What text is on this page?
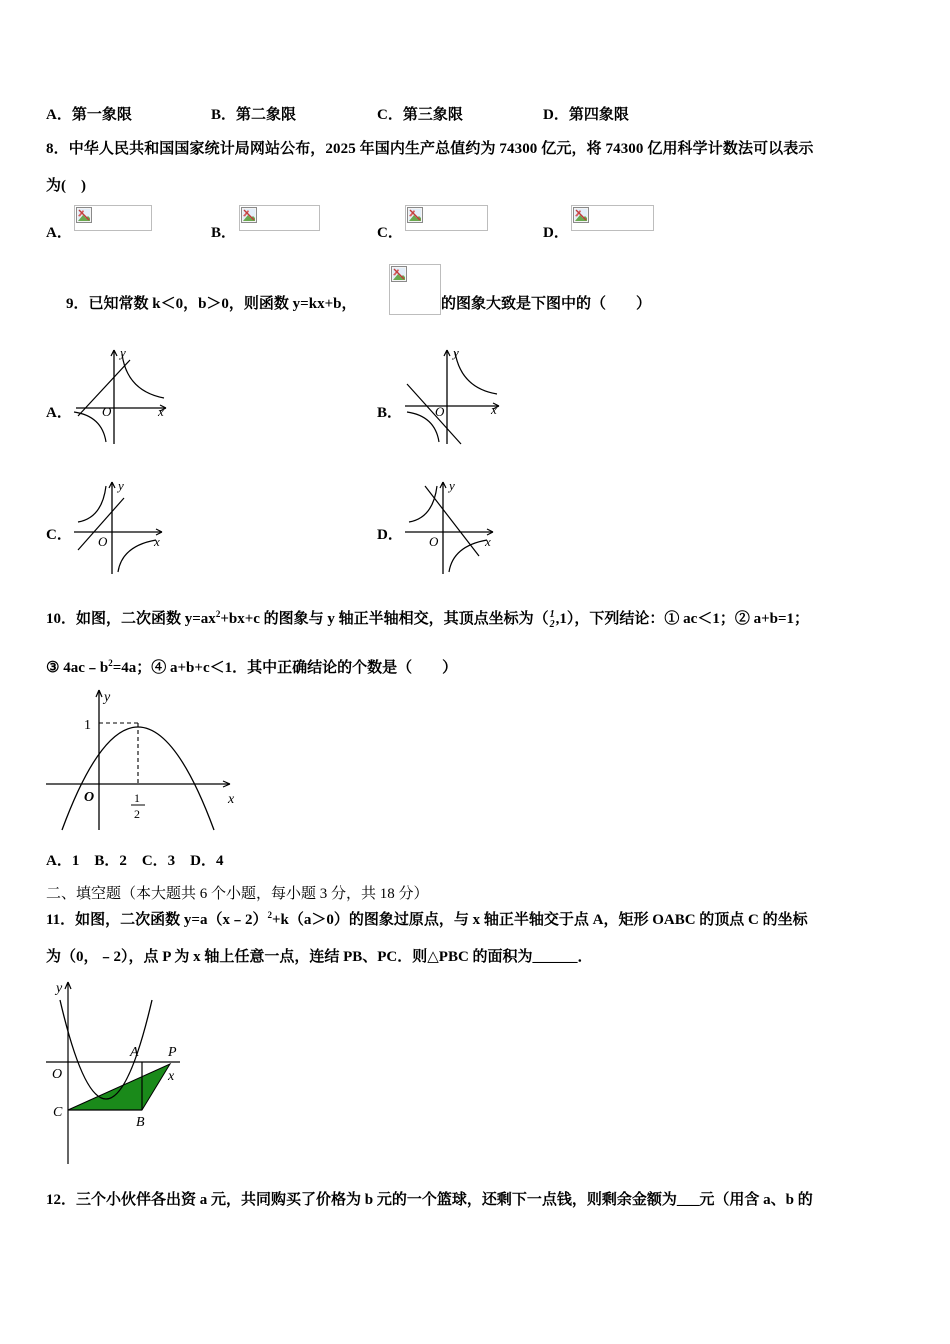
A．第一象限	B．第二象限	C．第三象限	D．第四象限
8．中华人民共和国国家统计局网站公布，2025 年国内生产总值约为 74300 亿元，将 74300 亿用科学计数法可以表示
为(　)
A．	B．	C．	D．
9．已知常数 k＜0，b＞0，则函数 y=kx+b，	的图象大致是下图中的（　　）
A．	B．
C．	D．
x
y
O	x
y
O
x
y
O	x
y
O
10．如图，二次函数 $y=ax^2+bx+c$ 的图象与 y 轴正半轴相交，其顶点坐标为（ 1
2 ,1），下列结论：① ac＜1；② a+b=1；
③ $4ac﹣b^2=4a$；④ a+b+c＜1．其中正确结论的个数是（　　）
y
x
O
1
1
2
A．1　B．2　C．3　D．4
二、填空题（本大题共 6 个小题，每小题 3 分，共 18 分）
11．如图，二次函数 y=a（x﹣2）$^2$+k（a＞0）的图象过原点，与 x 轴正半轴交于点 A，矩形 OABC 的顶点 C 的坐标
为（0，﹣2），点 P 为 x 轴上任意一点，连结 PB、PC．则△PBC 的面积为______．
y
x
O
A P
C
B
12．三个小伙伴各出资 a 元，共同购买了价格为 b 元的一个篮球，还剩下一点钱，则剩余金额为___元（用含 a、b 的
